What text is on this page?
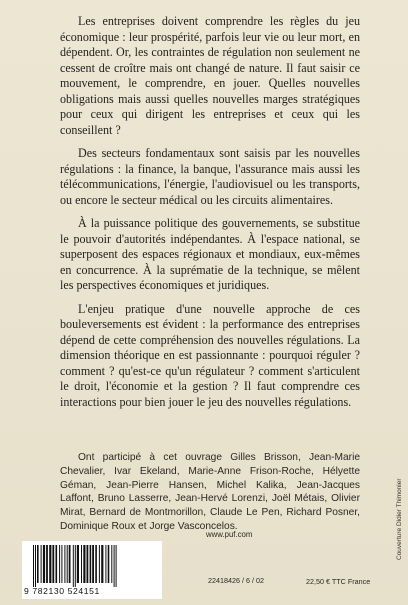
Les entreprises doivent comprendre les règles du jeu économique : leur prospérité, parfois leur vie ou leur mort, en dépendent. Or, les contraintes de régulation non seulement ne cessent de croître mais ont changé de nature. Il faut saisir ce mouvement, le comprendre, en jouer. Quelles nouvelles obligations mais aussi quelles nouvelles marges stratégiques pour ceux qui dirigent les entreprises et ceux qui les conseillent ?

Des secteurs fondamentaux sont saisis par les nouvelles régulations : la finance, la banque, l'assurance mais aussi les télécommunications, l'énergie, l'audiovisuel ou les transports, ou encore le secteur médical ou les circuits alimentaires.

À la puissance politique des gouvernements, se substitue le pouvoir d'autorités indépendantes. À l'espace national, se superposent des espaces régionaux et mondiaux, eux-mêmes en concurrence. À la suprématie de la technique, se mêlent les perspectives économiques et juridiques.

L'enjeu pratique d'une nouvelle approche de ces bouleversements est évident : la performance des entreprises dépend de cette compréhension des nouvelles régulations. La dimension théorique en est passionnante : pourquoi réguler ? comment ? qu'est-ce qu'un régulateur ? comment s'articulent le droit, l'économie et la gestion ? Il faut comprendre ces interactions pour bien jouer le jeu des nouvelles régulations.

Ont participé à cet ouvrage Gilles Brisson, Jean-Marie Chevalier, Ivar Ekeland, Marie-Anne Frison-Roche, Hélyette Géman, Jean-Pierre Hansen, Michel Kalika, Jean-Jacques Laffont, Bruno Lasserre, Jean-Hervé Lorenzi, Joël Métais, Olivier Mirat, Bernard de Montmorillon, Claude Le Pen, Richard Posner, Dominique Roux et Jorge Vasconcelos.	Couverture Didier Thimonier
www.puf.com
9 782130 524151
22418426 / 6 / 02	22,50 € TTC France
